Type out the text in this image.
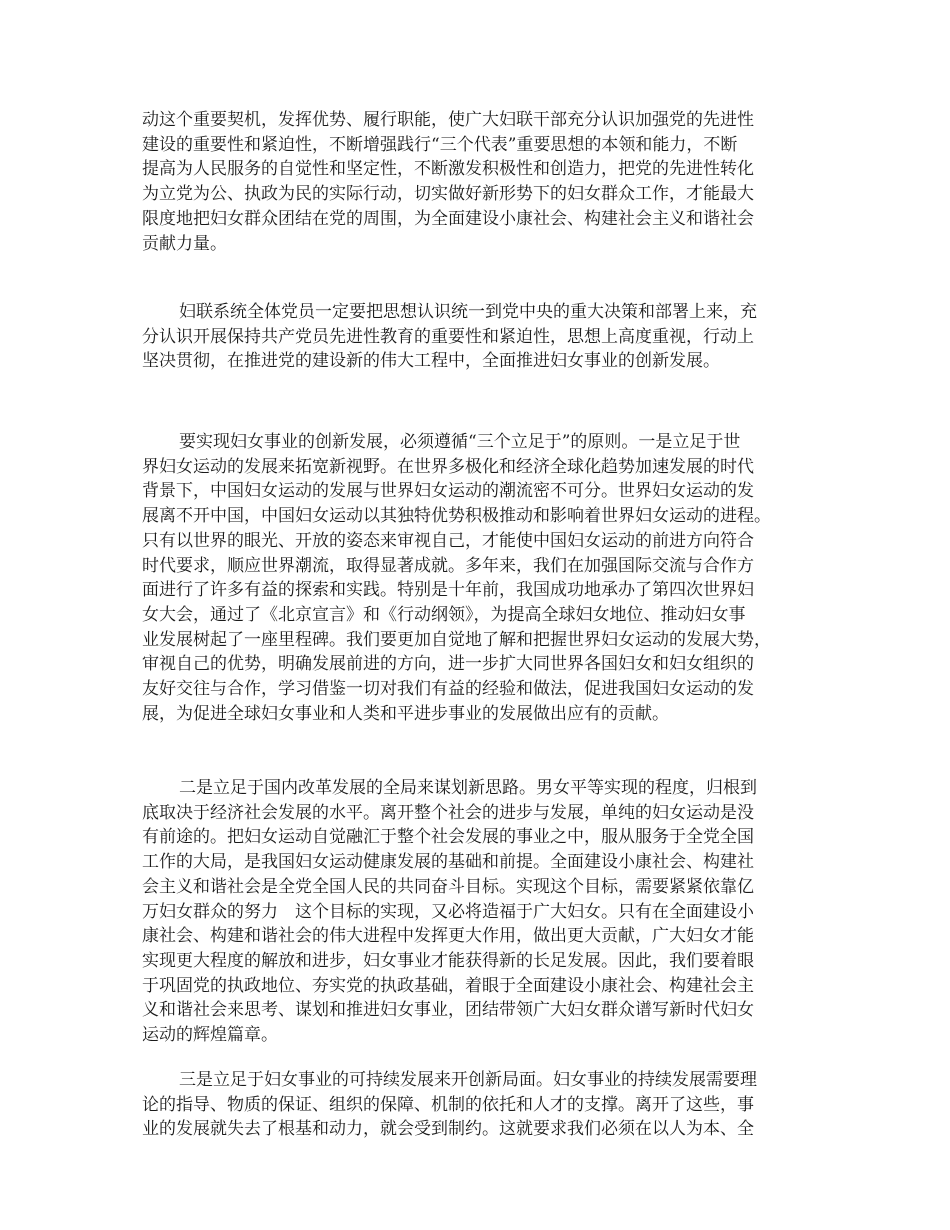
动这个重要契机，发挥优势、履行职能，使广大妇联干部充分认识加强党的先进性
建设的重要性和紧迫性，不断增强践行“三个代表”重要思想的本领和能力，不断
提高为人民服务的自觉性和坚定性，不断激发积极性和创造力，把党的先进性转化
为立党为公、执政为民的实际行动，切实做好新形势下的妇女群众工作，才能最大
限度地把妇女群众团结在党的周围，为全面建设小康社会、构建社会主义和谐社会
贡献力量。
妇联系统全体党员一定要把思想认识统一到党中央的重大决策和部署上来，充
分认识开展保持共产党员先进性教育的重要性和紧迫性，思想上高度重视，行动上
坚决贯彻，在推进党的建设新的伟大工程中，全面推进妇女事业的创新发展。
要实现妇女事业的创新发展，必须遵循“三个立足于”的原则。一是立足于世
界妇女运动的发展来拓宽新视野。在世界多极化和经济全球化趋势加速发展的时代
背景下，中国妇女运动的发展与世界妇女运动的潮流密不可分。世界妇女运动的发
展离不开中国，中国妇女运动以其独特优势积极推动和影响着世界妇女运动的进程。
只有以世界的眼光、开放的姿态来审视自己，才能使中国妇女运动的前进方向符合
时代要求，顺应世界潮流，取得显著成就。多年来，我们在加强国际交流与合作方
面进行了许多有益的探索和实践。特别是十年前，我国成功地承办了第四次世界妇
女大会，通过了《北京宣言》和《行动纲领》，为提高全球妇女地位、推动妇女事
业发展树起了一座里程碑。我们要更加自觉地了解和把握世界妇女运动的发展大势，
审视自己的优势，明确发展前进的方向，进一步扩大同世界各国妇女和妇女组织的
友好交往与合作，学习借鉴一切对我们有益的经验和做法，促进我国妇女运动的发
展，为促进全球妇女事业和人类和平进步事业的发展做出应有的贡献。
二是立足于国内改革发展的全局来谋划新思路。男女平等实现的程度，归根到
底取决于经济社会发展的水平。离开整个社会的进步与发展，单纯的妇女运动是没
有前途的。把妇女运动自觉融汇于整个社会发展的事业之中，服从服务于全党全国
工作的大局，是我国妇女运动健康发展的基础和前提。全面建设小康社会、构建社
会主义和谐社会是全党全国人民的共同奋斗目标。实现这个目标，需要紧紧依靠亿
万妇女群众的努力　这个目标的实现，又必将造福于广大妇女。只有在全面建设小
康社会、构建和谐社会的伟大进程中发挥更大作用，做出更大贡献，广大妇女才能
实现更大程度的解放和进步，妇女事业才能获得新的长足发展。因此，我们要着眼
于巩固党的执政地位、夯实党的执政基础，着眼于全面建设小康社会、构建社会主
义和谐社会来思考、谋划和推进妇女事业，团结带领广大妇女群众谱写新时代妇女
运动的辉煌篇章。
三是立足于妇女事业的可持续发展来开创新局面。妇女事业的持续发展需要理
论的指导、物质的保证、组织的保障、机制的依托和人才的支撑。离开了这些，事
业的发展就失去了根基和动力，就会受到制约。这就要求我们必须在以人为本、全
